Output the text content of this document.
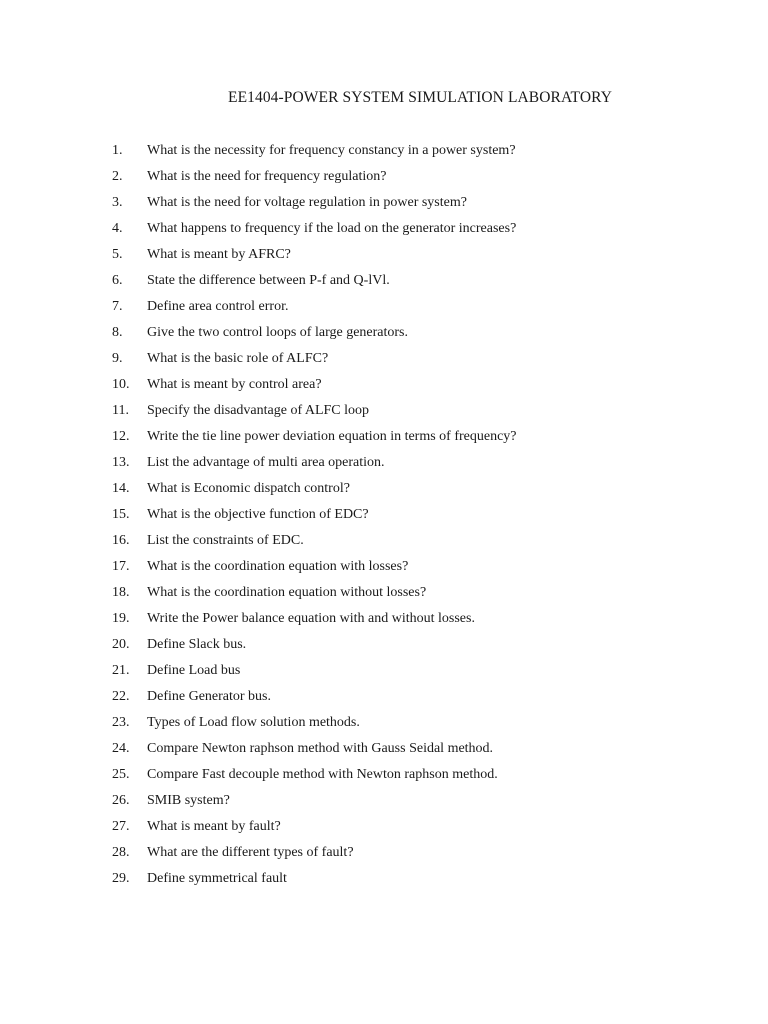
EE1404-POWER SYSTEM SIMULATION LABORATORY
1. What is the necessity for frequency constancy in a power system?
2. What is the need for frequency regulation?
3. What is the need for voltage regulation in power system?
4. What happens to frequency if the load on the generator increases?
5. What is meant by AFRC?
6. State the difference between P-f and Q-lVl.
7. Define area control error.
8. Give the two control loops of large generators.
9. What is the basic role of ALFC?
10. What is meant by control area?
11. Specify the disadvantage of ALFC loop
12. Write the tie line power deviation equation in terms of frequency?
13. List the advantage of multi area operation.
14. What is Economic dispatch control?
15. What is the objective function of EDC?
16. List the constraints of EDC.
17. What is the coordination equation with losses?
18. What is the coordination equation without losses?
19. Write the Power balance equation with and without losses.
20. Define Slack bus.
21. Define Load bus
22. Define Generator bus.
23. Types of Load flow solution methods.
24. Compare Newton raphson method with Gauss Seidal method.
25. Compare Fast decouple method with Newton raphson method.
26. SMIB system?
27. What is meant by fault?
28. What are the different types of fault?
29. Define symmetrical fault
